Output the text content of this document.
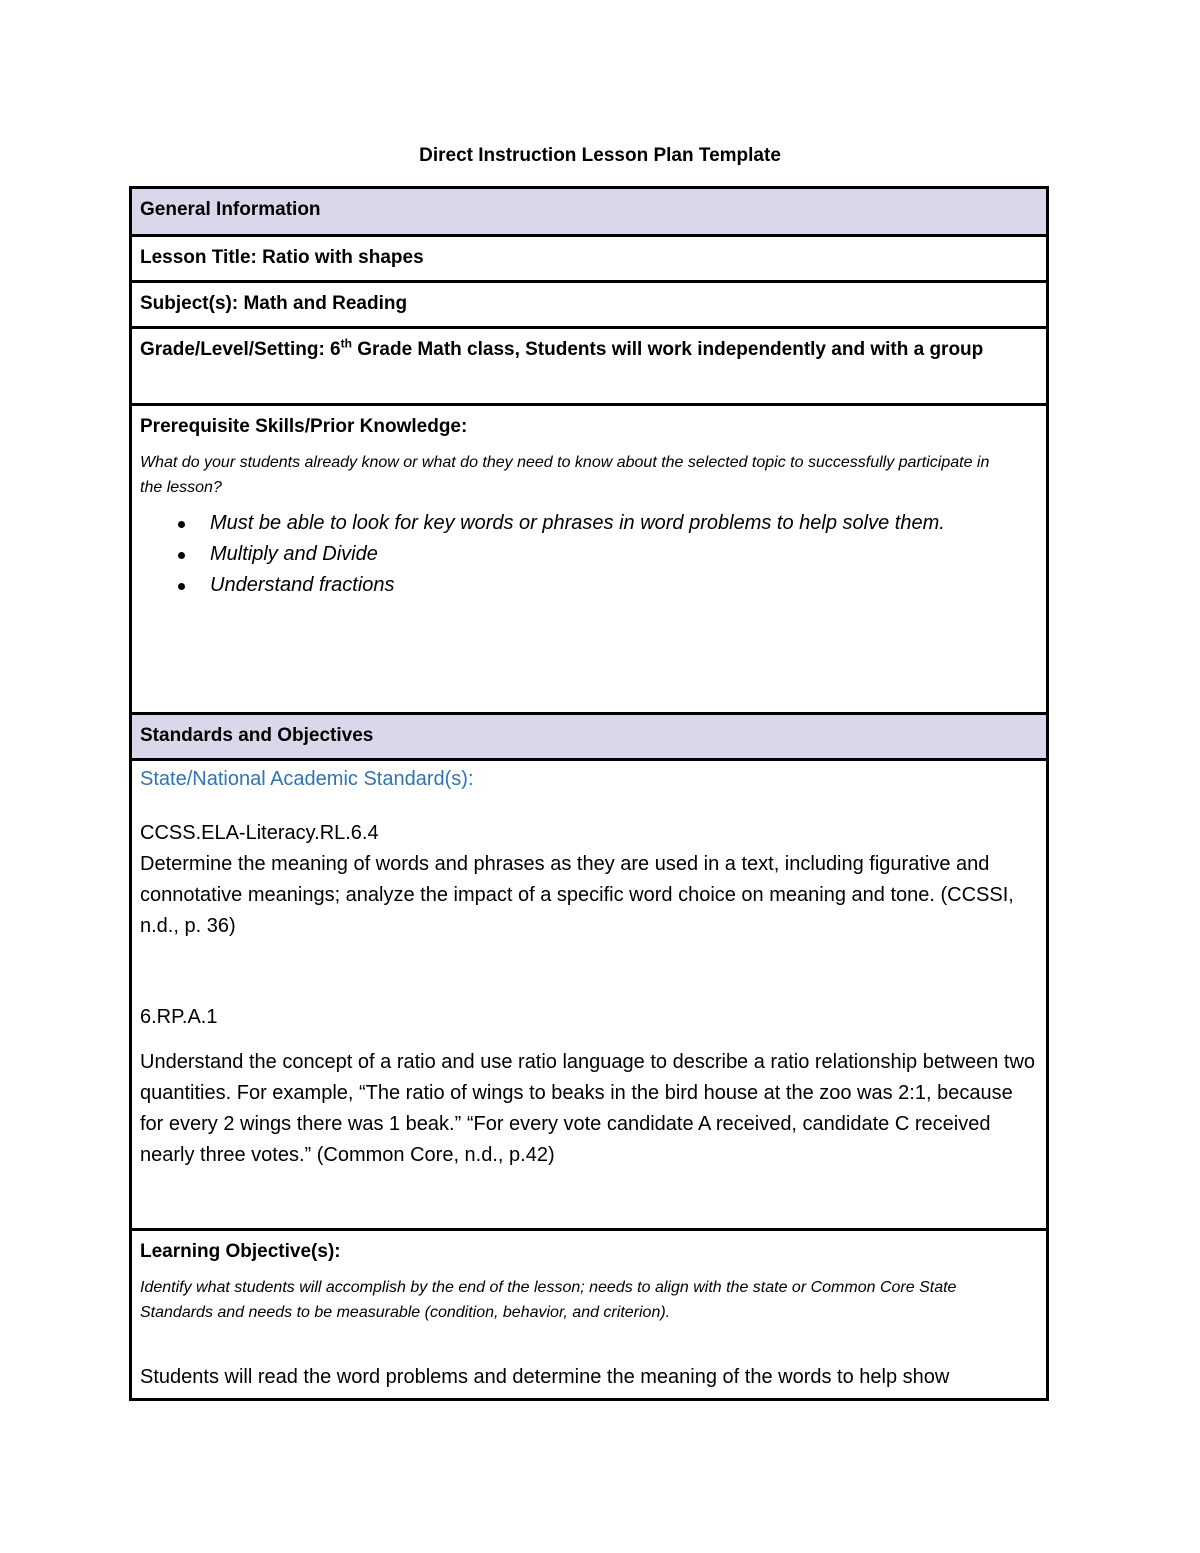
Direct Instruction Lesson Plan Template
General Information
Lesson Title: Ratio with shapes
Subject(s): Math and Reading
Grade/Level/Setting: 6th Grade Math class, Students will work independently and with a group
Prerequisite Skills/Prior Knowledge:
What do your students already know or what do they need to know about the selected topic to successfully participate in the lesson?
Must be able to look for key words or phrases in word problems to help solve them.
Multiply and Divide
Understand fractions
Standards and Objectives
State/National Academic Standard(s):
CCSS.ELA-Literacy.RL.6.4
Determine the meaning of words and phrases as they are used in a text, including figurative and connotative meanings; analyze the impact of a specific word choice on meaning and tone. (CCSSI, n.d., p. 36)
6.RP.A.1
Understand the concept of a ratio and use ratio language to describe a ratio relationship between two quantities. For example, “The ratio of wings to beaks in the bird house at the zoo was 2:1, because for every 2 wings there was 1 beak.” “For every vote candidate A received, candidate C received nearly three votes.” (Common Core, n.d., p.42)
Learning Objective(s):
Identify what students will accomplish by the end of the lesson; needs to align with the state or Common Core State Standards and needs to be measurable (condition, behavior, and criterion).
Students will read the word problems and determine the meaning of the words to help show
